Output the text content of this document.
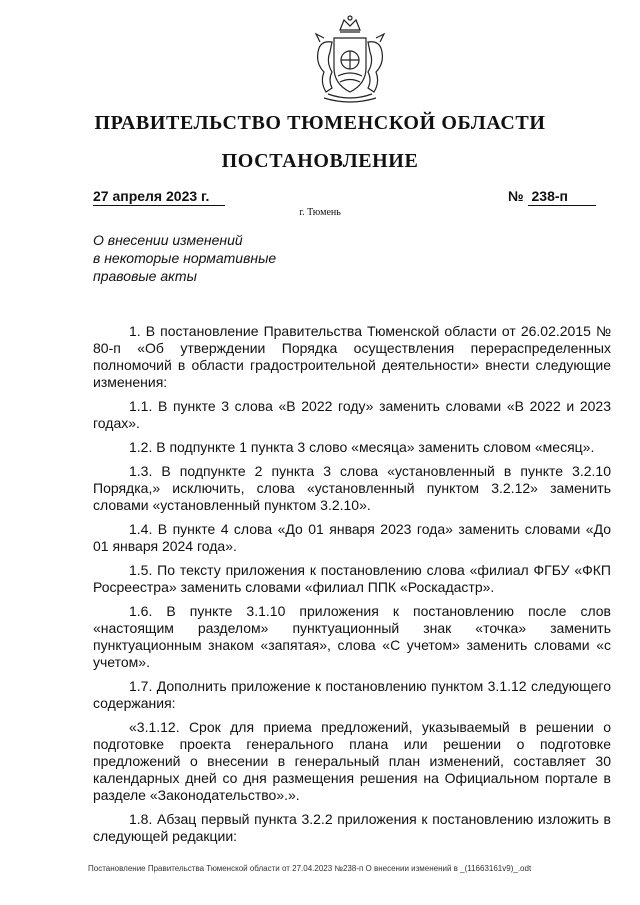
ПРАВИТЕЛЬСТВО ТЮМЕНСКОЙ ОБЛАСТИ
ПОСТАНОВЛЕНИЕ
27 апреля 2023 г.	№ 238-п
г. Тюмень
О внесении изменений
в некоторые нормативные
правовые акты

1. В постановление Правительства Тюменской области от 26.02.2015 № 80-п «Об утверждении Порядка осуществления перераспределенных полномочий в области градостроительной деятельности» внести следующие изменения:

1.1. В пункте 3 слова «В 2022 году» заменить словами «В 2022 и 2023 годах».

1.2. В подпункте 1 пункта 3 слово «месяца» заменить словом «месяц».

1.3. В подпункте 2 пункта 3 слова «установленный в пункте 3.2.10 Порядка,» исключить, слова «установленный пунктом 3.2.12» заменить словами «установленный пунктом 3.2.10».

1.4. В пункте 4 слова «До 01 января 2023 года» заменить словами «До 01 января 2024 года».

1.5. По тексту приложения к постановлению слова «филиал ФГБУ «ФКП Росреестра» заменить словами «филиал ППК «Роскадастр».

1.6. В пункте 3.1.10 приложения к постановлению после слов «настоящим разделом» пунктуационный знак «точка» заменить пунктуационным знаком «запятая», слова «С учетом» заменить словами «с учетом».

1.7. Дополнить приложение к постановлению пунктом 3.1.12 следующего содержания:

«3.1.12. Срок для приема предложений, указываемый в решении о подготовке проекта генерального плана или решении о подготовке предложений о внесении в генеральный план изменений, составляет 30 календарных дней со дня размещения решения на Официальном портале в разделе «Законодательство».».

1.8. Абзац первый пункта 3.2.2 приложения к постановлению изложить в следующей редакции:

Постановление Правительства Тюменской области от 27.04.2023 №238-п О внесении изменений в _(11663161v9)_.odt
